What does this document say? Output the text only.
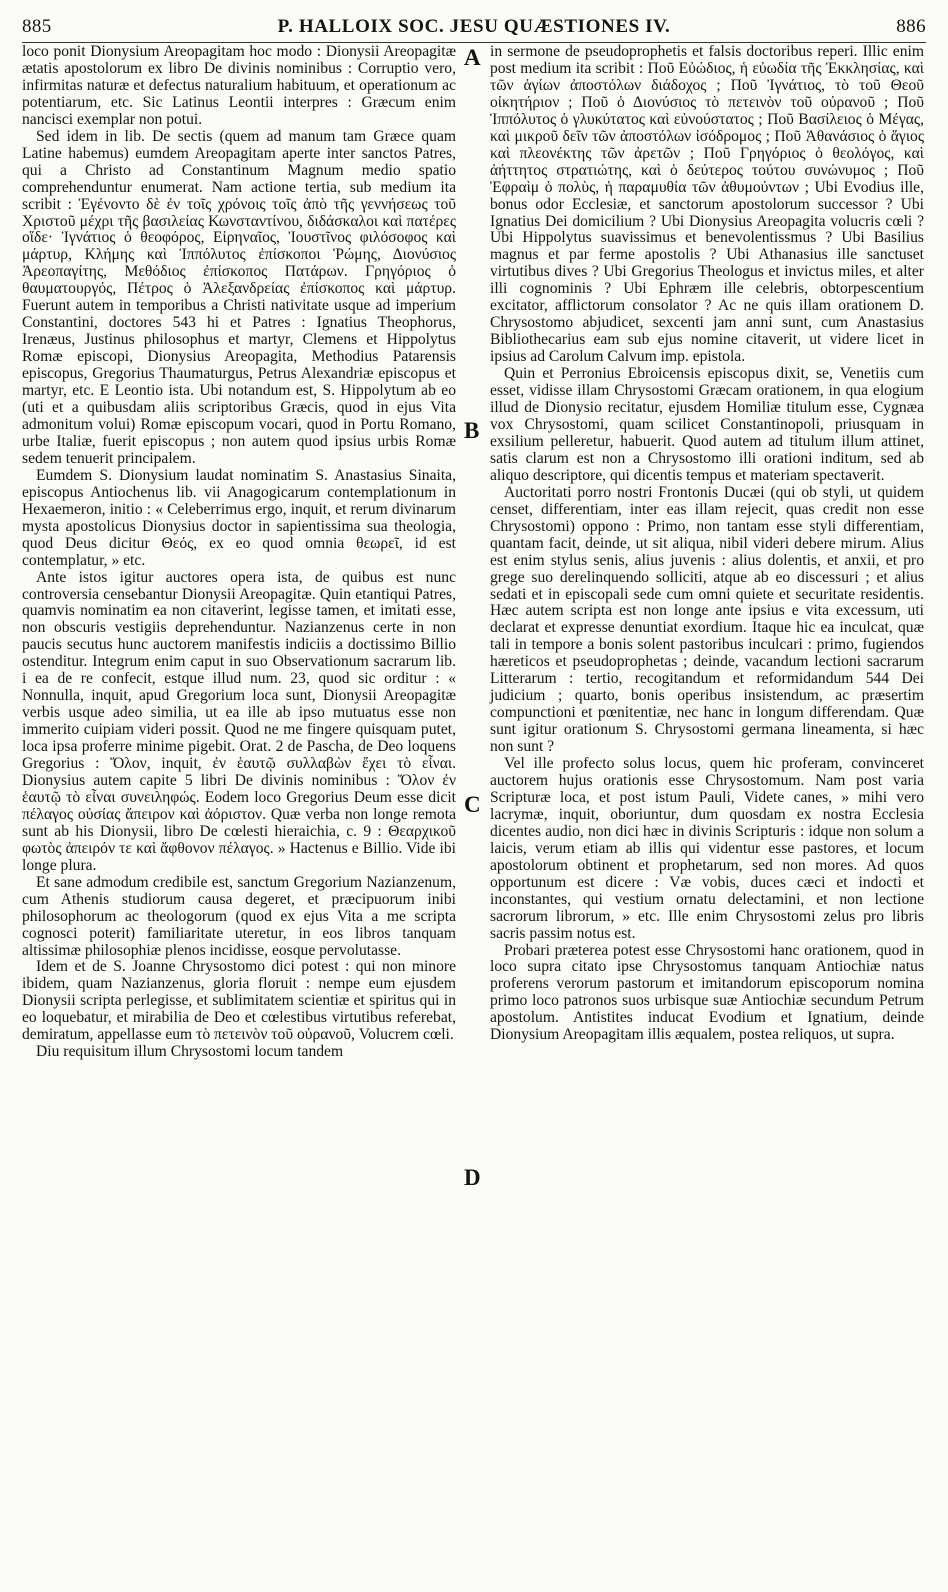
885	P. HALLOIX SOC. JESU QUÆSTIONES IV.	886

loco ponit Dionysium Areopagitam hoc modo : Dionysii Areopagitæ ætatis apostolorum ex libro De divinis nominibus : Corruptio vero, infirmitas naturæ et defectus naturalium habituum, et operationum ac potentiarum, etc. Sic Latinus Leontii interpres : Græcum enim nancisci exemplar non potui.

Sed idem in lib. De sectis (quem ad manum tam Græce quam Latine habemus) eumdem Areopagitam aperte inter sanctos Patres, qui a Christo ad Constantinum Magnum medio spatio comprehenduntur enumerat. Nam actione tertia, sub medium ita scribit : Ἐγένοντο δὲ ἐν τοῖς χρόνοις τοῖς ἀπὸ τῆς γεννήσεως τοῦ Χριστοῦ μέχρι τῆς βασιλείας Κωνσταντίνου, διδάσκαλοι καὶ πατέρες οἵδε· Ἰγνάτιος ὁ θεοφόρος, Εἰρηναῖος, Ἰουστῖνος φιλόσοφος καὶ μάρτυρ, Κλήμης καὶ Ἱππόλυτος ἐπίσκοποι Ῥώμης, Διονύσιος Ἀρεοπαγίτης, Μεθόδιος ἐπίσκοπος Πατάρων. Γρηγόριος ὁ θαυματουργός, Πέτρος ὁ Ἀλεξανδρείας ἐπίσκοπος καὶ μάρτυρ. Fuerunt autem in temporibus a Christi nativitate usque ad imperium Constantini, doctores 543 hi et Patres : Ignatius Theophorus, Irenæus, Justinus philosophus et martyr, Clemens et Hippolytus Romæ episcopi, Dionysius Areopagita, Methodius Patarensis episcopus, Gregorius Thaumaturgus, Petrus Alexandriæ episcopus et martyr, etc. E Leontio ista. Ubi notandum est, S. Hippolytum ab eo (uti et a quibusdam aliis scriptoribus Græcis, quod in ejus Vita admonitum volui) Romæ episcopum vocari, quod in Portu Romano, urbe Italiæ, fuerit episcopus ; non autem quod ipsius urbis Romæ sedem tenuerit principalem.

Eumdem S. Dionysium laudat nominatim S. Anastasius Sinaita, episcopus Antiochenus lib. vii Anagogicarum contemplationum in Hexaemeron, initio : « Celeberrimus ergo, inquit, et rerum divinarum mysta apostolicus Dionysius doctor in sapientissima sua theologia, quod Deus dicitur Θεός, ex eo quod omnia θεωρεῖ, id est contemplatur, » etc.

Ante istos igitur auctores opera ista, de quibus est nunc controversia censebantur Dionysii Areopagitæ. Quin etantiqui Patres, quamvis nominatim ea non citaverint, legisse tamen, et imitati esse, non obscuris vestigiis deprehenduntur. Nazianzenus certe in non paucis secutus hunc auctorem manifestis indiciis a doctissimo Billio ostenditur. Integrum enim caput in suo Observationum sacrarum lib. i ea de re confecit, estque illud num. 23, quod sic orditur : « Nonnulla, inquit, apud Gregorium loca sunt, Dionysii Areopagitæ verbis usque adeo similia, ut ea ille ab ipso mutuatus esse non immerito cuipiam videri possit. Quod ne me fingere quisquam putet, loca ipsa proferre minime pigebit. Orat. 2 de Pascha, de Deo loquens Gregorius : Ὅλον, inquit, ἐν ἑαυτῷ συλλαβὼν ἔχει τὸ εἶναι. Dionysius autem capite 5 libri De divinis nominibus : Ὅλον ἐν ἑαυτῷ τὸ εἶναι συνειληφώς. Eodem loco Gregorius Deum esse dicit πέλαγος οὐσίας ἄπειρον καὶ ἀόριστον. Quæ verba non longe remota sunt ab his Dionysii, libro De cœlesti hieraichia, c. 9 : Θεαρχικοῦ φωτὸς ἀπειρόν τε καὶ ἄφθονον πέλαγος. » Hactenus e Billio. Vide ibi longe plura.

Et sane admodum credibile est, sanctum Gregorium Nazianzenum, cum Athenis studiorum causa degeret, et præcipuorum inibi philosophorum ac theologorum (quod ex ejus Vita a me scripta cognosci poterit) familiaritate uteretur, in eos libros tanquam altissimæ philosophiæ plenos incidisse, eosque pervolutasse.

Idem et de S. Joanne Chrysostomo dici potest : qui non minore ibidem, quam Nazianzenus, gloria floruit : nempe eum ejusdem Dionysii scripta perlegisse, et sublimitatem scientiæ et spiritus qui in eo loquebatur, et mirabilia de Deo et cœlestibus virtutibus referebat, demiratum, appellasse eum τὸ πετεινὸν τοῦ οὐρανοῦ, Volucrem cœli.

Diu requisitum illum Chrysostomi locum tandem

in sermone de pseudoprophetis et falsis doctoribus reperi. Illic enim post medium ita scribit : Ποῦ Εὐώδιος, ἡ εὐωδία τῆς Ἐκκλησίας, καὶ τῶν ἁγίων ἀποστόλων διάδοχος ; Ποῦ Ἰγνάτιος, τὸ τοῦ Θεοῦ οἰκητήριον ; Ποῦ ὁ Διονύσιος τὸ πετεινὸν τοῦ οὐρανοῦ ; Ποῦ Ἱππόλυτος ὁ γλυκύτατος καὶ εὐνούστατος ; Ποῦ Βασίλειος ὁ Μέγας, καὶ μικροῦ δεῖν τῶν ἀποστόλων ἰσόδρομος ; Ποῦ Ἀθανάσιος ὁ ἅγιος καὶ πλεονέκτης τῶν ἀρετῶν ; Ποῦ Γρηγόριος ὁ θεολόγος, καὶ ἀήττητος στρατιώτης, καὶ ὁ δεύτερος τούτου συνώνυμος ; Ποῦ Ἐφραὶμ ὁ πολὺς, ἡ παραμυθία τῶν ἀθυμούντων ; Ubi Evodius ille, bonus odor Ecclesiæ, et sanctorum apostolorum successor ? Ubi Ignatius Dei domicilium ? Ubi Dionysius Areopagita volucris cœli ? Ubi Hippolytus suavissimus et benevolentissmus ? Ubi Basilius magnus et par ferme apostolis ? Ubi Athanasius ille sanctuset virtutibus dives ? Ubi Gregorius Theologus et invictus miles, et alter illi cognominis ? Ubi Ephræm ille celebris, obtorpescentium excitator, afflictorum consolator ? Ac ne quis illam orationem D. Chrysostomo abjudicet, sexcenti jam anni sunt, cum Anastasius Bibliothecarius eam sub ejus nomine citaverit, ut videre licet in ipsius ad Carolum Calvum imp. epistola.

Quin et Perronius Ebroicensis episcopus dixit, se, Venetiis cum esset, vidisse illam Chrysostomi Græcam orationem, in qua elogium illud de Dionysio recitatur, ejusdem Homiliæ titulum esse, Cygnæa vox Chrysostomi, quam scilicet Constantinopoli, priusquam in exsilium pelleretur, habuerit. Quod autem ad titulum illum attinet, satis clarum est non a Chrysostomo illi orationi inditum, sed ab aliquo descriptore, qui dicentis tempus et materiam spectaverit.

Auctoritati porro nostri Frontonis Ducæi (qui ob styli, ut quidem censet, differentiam, inter eas illam rejecit, quas credit non esse Chrysostomi) oppono : Primo, non tantam esse styli differentiam, quantam facit, deinde, ut sit aliqua, nibil videri debere mirum. Alius est enim stylus senis, alius juvenis : alius dolentis, et anxii, et pro grege suo derelinquendo solliciti, atque ab eo discessuri ; et alius sedati et in episcopali sede cum omni quiete et securitate residentis. Hæc autem scripta est non longe ante ipsius e vita excessum, uti declarat et expresse denuntiat exordium. Itaque hic ea inculcat, quæ tali in tempore a bonis solent pastoribus inculcari : primo, fugiendos hæreticos et pseudoprophetas ; deinde, vacandum lectioni sacrarum Litterarum : tertio, recogitandum et reformidandum 544 Dei judicium ; quarto, bonis operibus insistendum, ac præsertim compunctioni et pœnitentiæ, nec hanc in longum differendam. Quæ sunt igitur orationum S. Chrysostomi germana lineamenta, si hæc non sunt ?

Vel ille profecto solus locus, quem hic proferam, convinceret auctorem hujus orationis esse Chrysostomum. Nam post varia Scripturæ loca, et post istum Pauli, Videte canes, » mihi vero lacrymæ, inquit, oboriuntur, dum quosdam ex nostra Ecclesia dicentes audio, non dici hæc in divinis Scripturis : idque non solum a laicis, verum etiam ab illis qui videntur esse pastores, et locum apostolorum obtinent et prophetarum, sed non mores. Ad quos opportunum est dicere : Væ vobis, duces cæci et indocti et inconstantes, qui vestium ornatu delectamini, et non lectione sacrorum librorum, » etc. Ille enim Chrysostomi zelus pro libris sacris passim notus est.

Probari præterea potest esse Chrysostomi hanc orationem, quod in loco supra citato ipse Chrysostomus tanquam Antiochiæ natus proferens verorum pastorum et imitandorum episcoporum nomina primo loco patronos suos urbisque suæ Antiochiæ secundum Petrum apostolum. Antistites inducat Evodium et Ignatium, deinde Dionysium Areopagitam illis æqualem, postea reliquos, ut supra.

A
B
C
D
